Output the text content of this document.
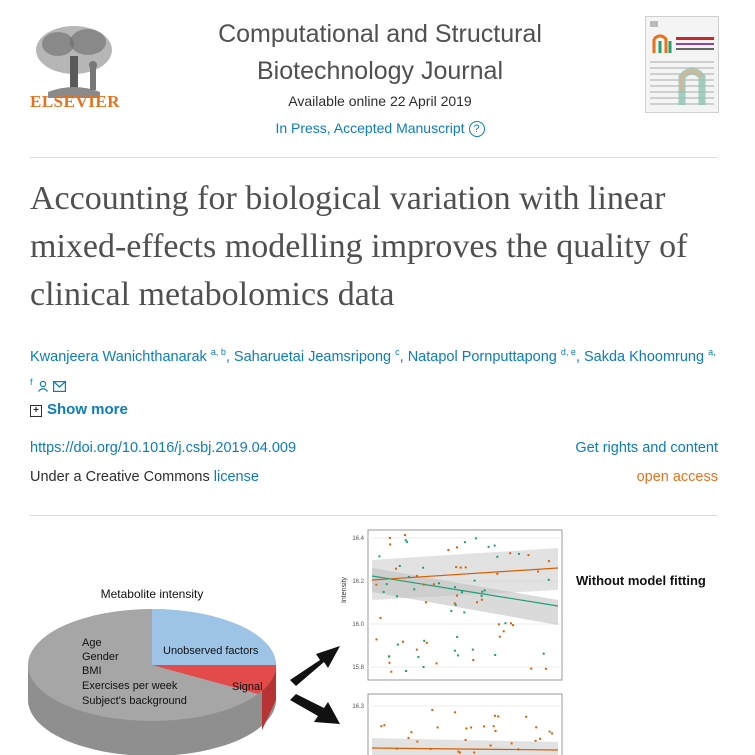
ELSEVIER
Computational and Structural
Biotechnology Journal
Available online 22 April 2019
In Press, Accepted Manuscript ?
Accounting for biological variation with linear mixed-effects modelling improves the quality of clinical metabolomics data
Kwanjeera Wanichthanarak $^{a, b}$, Saharuetai Jeamsripong $^c$, Natapol Pornputtapong $^{d, e}$, Sakda Khoomrung $^{a, f}$
+ Show more
https://doi.org/10.1016/j.csbj.2019.04.009	Get rights and content
Under a Creative Commons license	open access
Metabolite intensity
Age
Gender
BMI
Exercises per week
Subject's background
Unobserved factors
Signal
16.4
16.2
16.0
15.8
Intensity	Without model fitting
16.3
